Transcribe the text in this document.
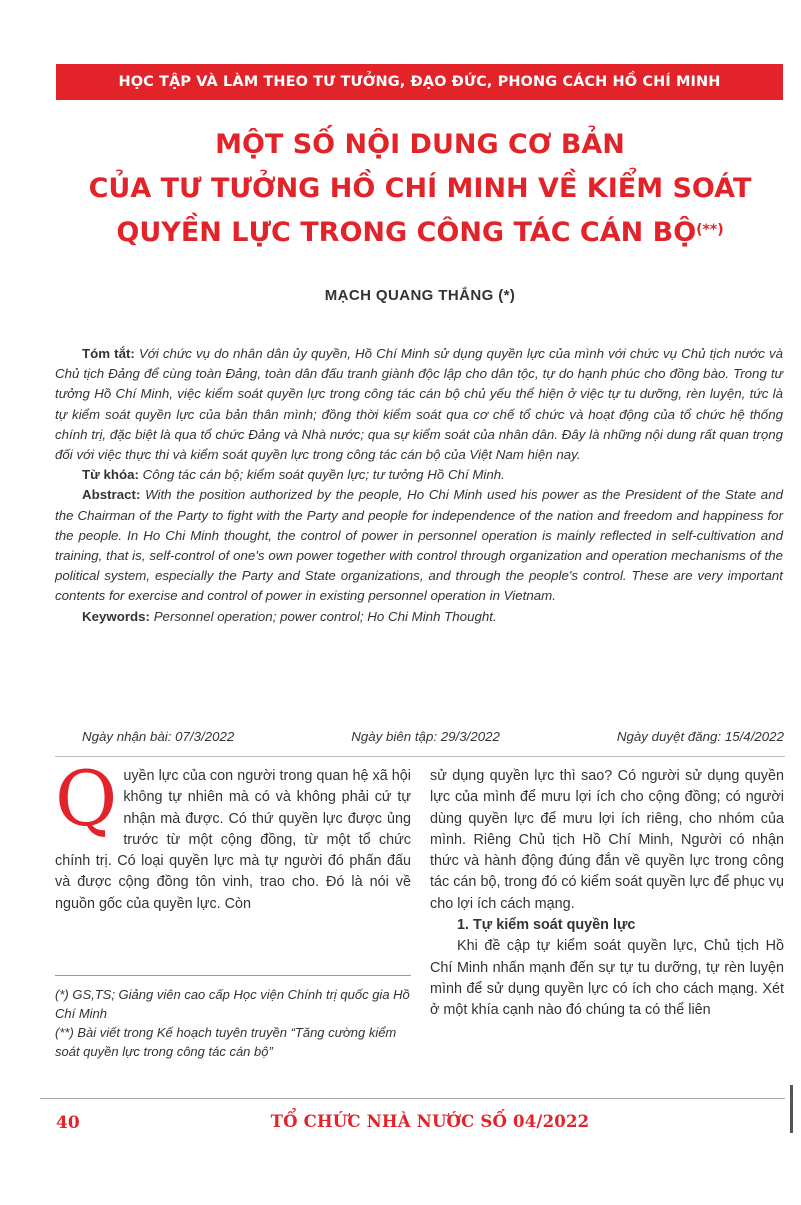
HỌC TẬP VÀ LÀM THEO TƯ TƯỞNG, ĐẠO ĐỨC, PHONG CÁCH HỒ CHÍ MINH
MỘT SỐ NỘI DUNG CƠ BẢN
CỦA TƯ TƯỞNG HỒ CHÍ MINH VỀ KIỂM SOÁT
QUYỀN LỰC TRONG CÔNG TÁC CÁN BỘ(**)
MẠCH QUANG THẮNG (*)

Tóm tắt: Với chức vụ do nhân dân ủy quyền, Hồ Chí Minh sử dụng quyền lực của mình với chức vụ Chủ tịch nước và Chủ tịch Đảng để cùng toàn Đảng, toàn dân đấu tranh giành độc lập cho dân tộc, tự do hạnh phúc cho đồng bào. Trong tư tưởng Hồ Chí Minh, việc kiểm soát quyền lực trong công tác cán bộ chủ yếu thể hiện ở việc tự tu dưỡng, rèn luyện, tức là tự kiểm soát quyền lực của bản thân mình; đồng thời kiểm soát qua cơ chế tổ chức và hoạt động của tổ chức hệ thống chính trị, đặc biệt là qua tổ chức Đảng và Nhà nước; qua sự kiểm soát của nhân dân. Đây là những nội dung rất quan trọng đối với việc thực thi và kiểm soát quyền lực trong công tác cán bộ của Việt Nam hiện nay.

Từ khóa: Công tác cán bộ; kiểm soát quyền lực; tư tưởng Hồ Chí Minh.

Abstract: With the position authorized by the people, Ho Chi Minh used his power as the President of the State and the Chairman of the Party to fight with the Party and people for independence of the nation and freedom and happiness for the people. In Ho Chi Minh thought, the control of power in personnel operation is mainly reflected in self-cultivation and training, that is, self-control of one's own power together with control through organization and operation mechanisms of the political system, especially the Party and State organizations, and through the people's control. These are very important contents for exercise and control of power in existing personnel operation in Vietnam.

Keywords: Personnel operation; power control; Ho Chi Minh Thought.

Ngày nhận bài: 07/3/2022	Ngày biên tập: 29/3/2022	Ngày duyệt đăng: 15/4/2022
Q uyền lực của con người trong quan hệ xã hội không tự nhiên mà có và không phải cứ tự nhận mà được. Có thứ quyền lực được ủng trước từ một cộng đồng, từ một tổ chức chính trị. Có loại quyền lực mà tự người đó phấn đấu và được cộng đồng tôn vinh, trao cho. Đó là nói về nguồn gốc của quyền lực. Còn

(*) GS,TS; Giảng viên cao cấp Học viện Chính trị quốc gia Hồ Chí Minh

(**) Bài viết trong Kế hoạch tuyên truyền “Tăng cường kiểm soát quyền lực trong công tác cán bộ”

sử dụng quyền lực thì sao? Có người sử dụng quyền lực của mình để mưu lợi ích cho cộng đồng; có người dùng quyền lực để mưu lợi ích riêng, cho nhóm của mình. Riêng Chủ tịch Hồ Chí Minh, Người có nhận thức và hành động đúng đắn về quyền lực trong công tác cán bộ, trong đó có kiểm soát quyền lực để phục vụ cho lợi ích cách mạng.

1. Tự kiểm soát quyền lực

Khi đề cập tự kiểm soát quyền lực, Chủ tịch Hồ Chí Minh nhấn mạnh đến sự tự tu dưỡng, tự rèn luyện mình để sử dụng quyền lực có ích cho cách mạng. Xét ở một khía cạnh nào đó chúng ta có thể liên

40	TỔ CHỨC NHÀ NƯỚC SỐ 04/2022
